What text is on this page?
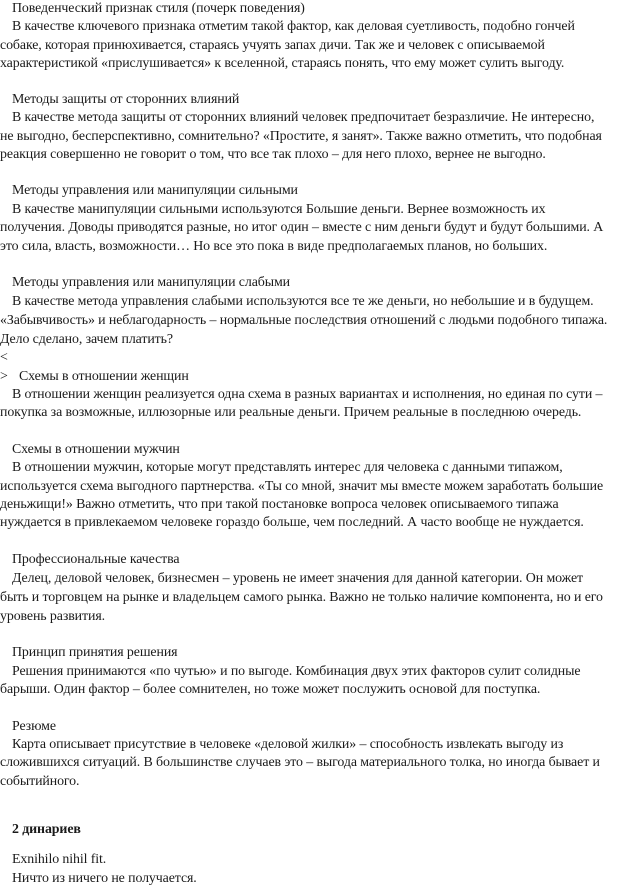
Поведенческий признак стиля (почерк поведения)
В качестве ключевого признака отметим такой фактор, как деловая суетливость, подобно гончей
собаке, которая принюхивается, стараясь учуять запах дичи. Так же и человек с описываемой
характеристикой «прислушивается» к вселенной, стараясь понять, что ему может сулить выгоду.
Методы защиты от сторонних влияний
В качестве метода защиты от сторонних влияний человек предпочитает безразличие. Не интересно,
не выгодно, бесперспективно, сомнительно? «Простите, я занят». Также важно отметить, что подобная
реакция совершенно не говорит о том, что все так плохо – для него плохо, вернее не выгодно.
Методы управления или манипуляции сильными
В качестве манипуляции сильными используются Большие деньги. Вернее возможность их
получения. Доводы приводятся разные, но итог один – вместе с ним деньги будут и будут большими. А
это сила, власть, возможности… Но все это пока в виде предполагаемых планов, но больших.
Методы управления или манипуляции слабыми
В качестве метода управления слабыми используются все те же деньги, но небольшие и в будущем.
«Забывчивость» и неблагодарность – нормальные последствия отношений с людьми подобного типажа.
Дело сделано, зачем платить?
<
> Схемы в отношении женщин
В отношении женщин реализуется одна схема в разных вариантах и исполнения, но единая по сути –
покупка за возможные, иллюзорные или реальные деньги. Причем реальные в последнюю очередь.
Схемы в отношении мужчин
В отношении мужчин, которые могут представлять интерес для человека с данными типажом,
используется схема выгодного партнерства. «Ты со мной, значит мы вместе можем заработать большие
деньжищи!» Важно отметить, что при такой постановке вопроса человек описываемого типажа
нуждается в привлекаемом человеке гораздо больше, чем последний. А часто вообще не нуждается.
Профессиональные качества
Делец, деловой человек, бизнесмен – уровень не имеет значения для данной категории. Он может
быть и торговцем на рынке и владельцем самого рынка. Важно не только наличие компонента, но и его
уровень развития.
Принцип принятия решения
Решения принимаются «по чутью» и по выгоде. Комбинация двух этих факторов сулит солидные
барыши. Один фактор – более сомнителен, но тоже может послужить основой для поступка.
Резюме
Карта описывает присутствие в человеке «деловой жилки» – способность извлекать выгоду из
сложившихся ситуаций. В большинстве случаев это – выгода материального толка, но иногда бывает и
событийного.
2 динариев
Exnihilo nihil fit.
Ничто из ничего не получается.
